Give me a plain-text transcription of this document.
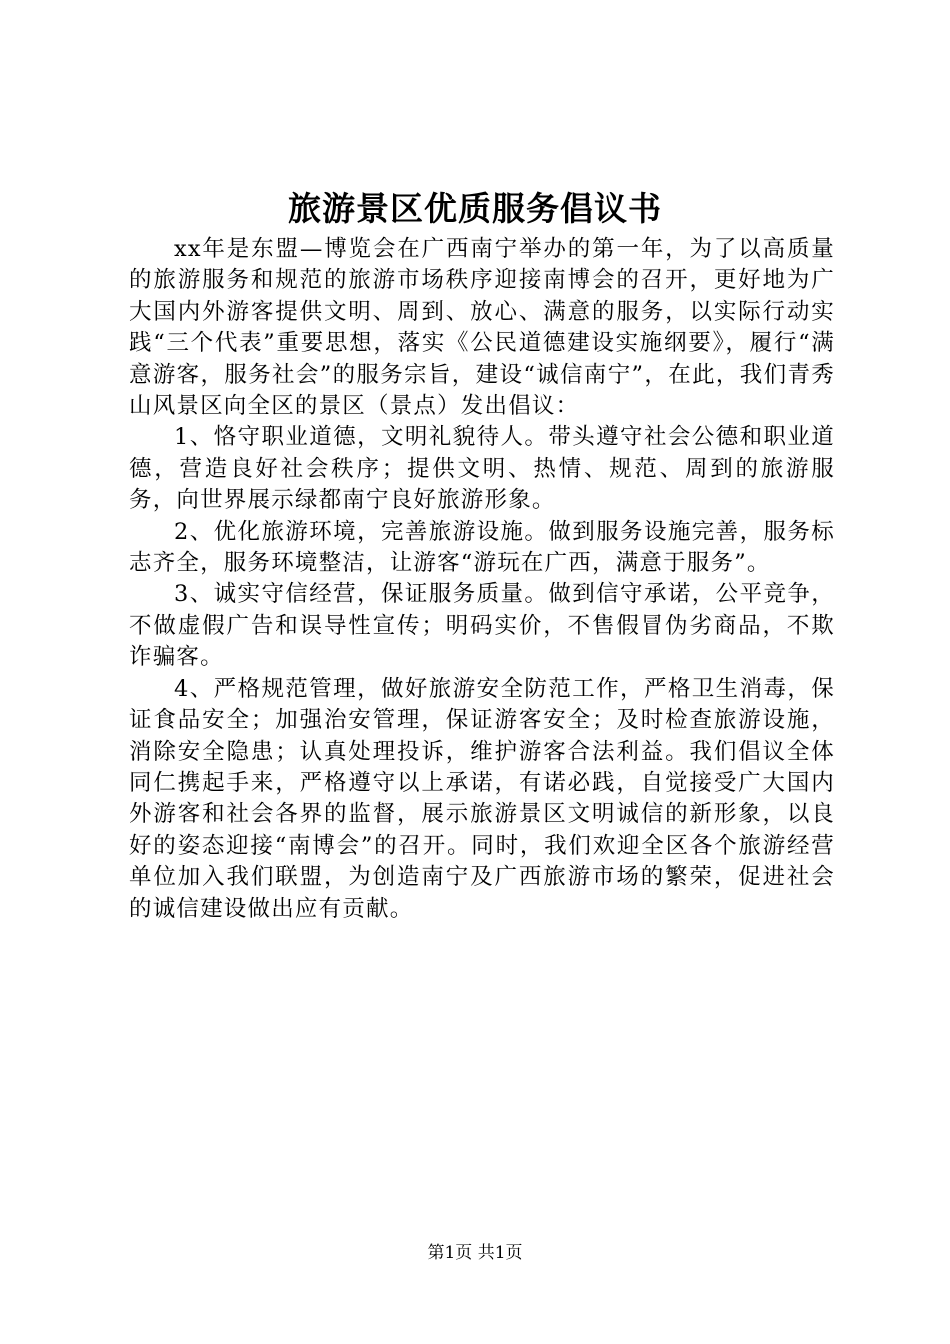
旅游景区优质服务倡议书

xx年是东盟—博览会在广西南宁举办的第一年，为了以高质量的旅游服务和规范的旅游市场秩序迎接南博会的召开，更好地为广大国内外游客提供文明、周到、放心、满意的服务，以实际行动实践“三个代表”重要思想，落实《公民道德建设实施纲要》，履行“满意游客，服务社会”的服务宗旨，建设“诚信南宁”，在此，我们青秀山风景区向全区的景区（景点）发出倡议：

1、恪守职业道德，文明礼貌待人。带头遵守社会公德和职业道德，营造良好社会秩序；提供文明、热情、规范、周到的旅游服务，向世界展示绿都南宁良好旅游形象。

2、优化旅游环境，完善旅游设施。做到服务设施完善，服务标志齐全，服务环境整洁，让游客“游玩在广西，满意于服务”。

3、诚实守信经营，保证服务质量。做到信守承诺，公平竞争，不做虚假广告和误导性宣传；明码实价，不售假冒伪劣商品，不欺诈骗客。

4、严格规范管理，做好旅游安全防范工作，严格卫生消毒，保证食品安全；加强治安管理，保证游客安全；及时检查旅游设施，消除安全隐患；认真处理投诉，维护游客合法利益。我们倡议全体同仁携起手来，严格遵守以上承诺，有诺必践，自觉接受广大国内外游客和社会各界的监督，展示旅游景区文明诚信的新形象，以良好的姿态迎接“南博会”的召开。同时，我们欢迎全区各个旅游经营单位加入我们联盟，为创造南宁及广西旅游市场的繁荣，促进社会的诚信建设做出应有贡献。

第1页 共1页
